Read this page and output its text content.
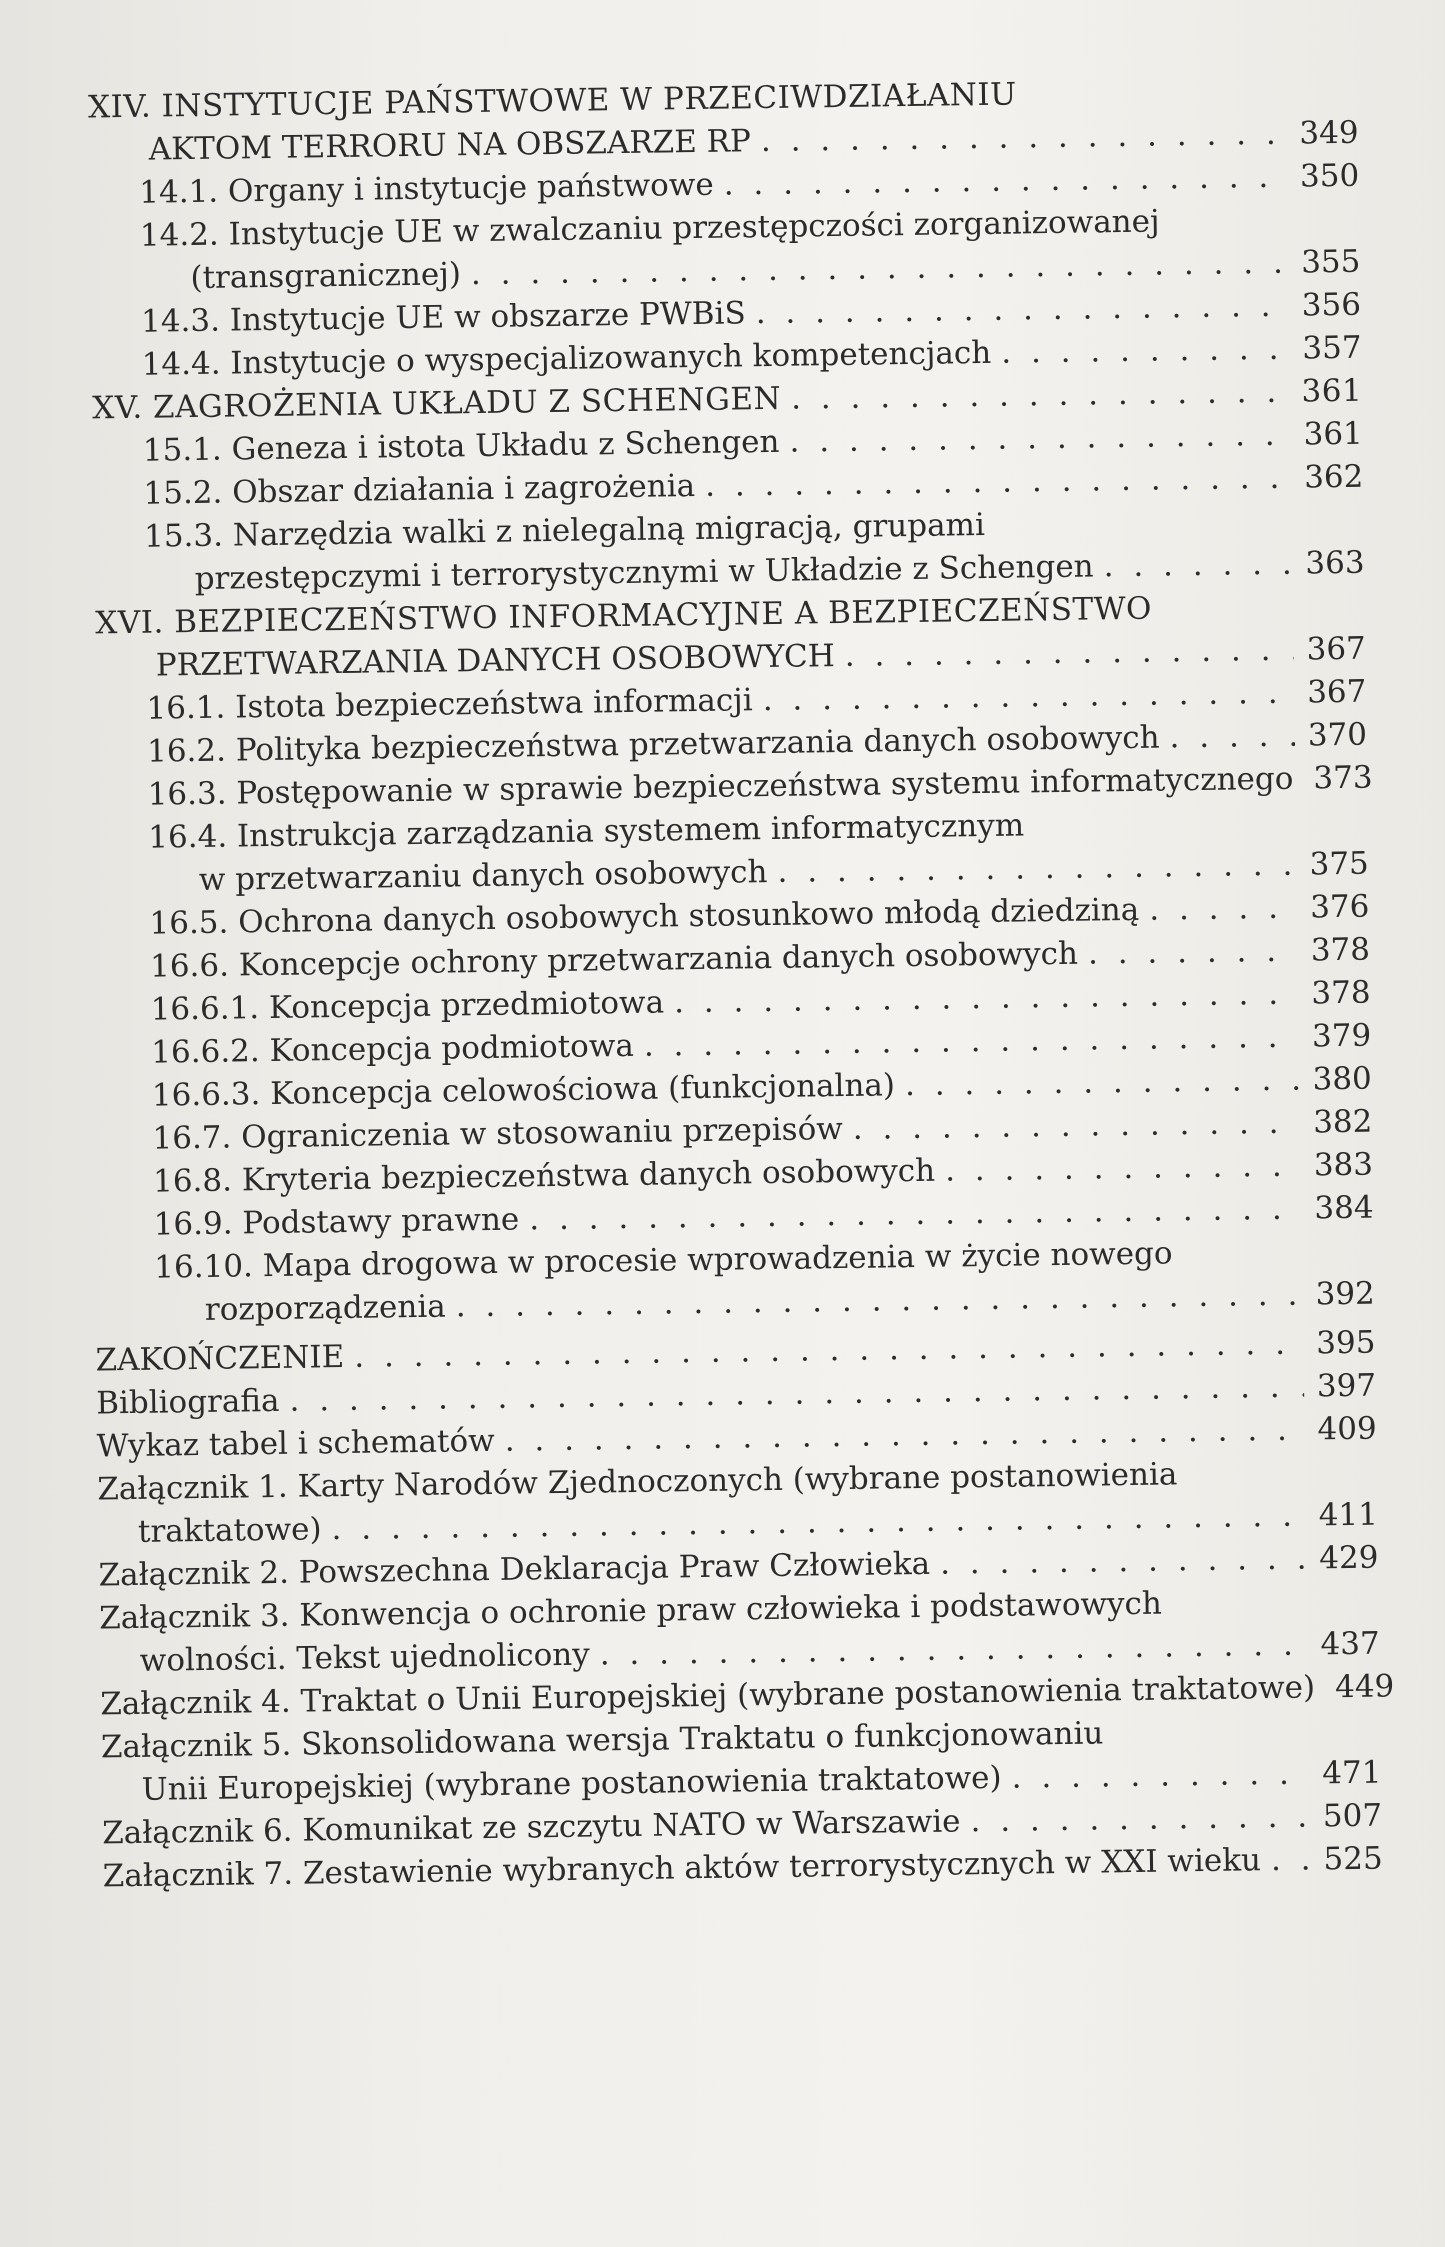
XIV. INSTYTUCJE PAŃSTWOWE W PRZECIWDZIAŁANIU
AKTOM TERRORU NA OBSZARZE RP . . .	349
14.1. Organy i instytucje państwowe . . .	350
14.2. Instytucje UE w zwalczaniu przestępczości zorganizowanej
(transgranicznej) . . .	355
14.3. Instytucje UE w obszarze PWBiS . . .	356
14.4. Instytucje o wyspecjalizowanych kompetencjach . . .	357
XV. ZAGROŻENIA UKŁADU Z SCHENGEN . . .	361
15.1. Geneza i istota Układu z Schengen . . .	361
15.2. Obszar działania i zagrożenia . . .	362
15.3. Narzędzia walki z nielegalną migracją, grupami
przestępczymi i terrorystycznymi w Układzie z Schengen . . .	363
XVI. BEZPIECZEŃSTWO INFORMACYJNE A BEZPIECZEŃSTWO
PRZETWARZANIA DANYCH OSOBOWYCH . . .	367
16.1. Istota bezpieczeństwa informacji . . .	367
16.2. Polityka bezpieczeństwa przetwarzania danych osobowych . . .	370
16.3. Postępowanie w sprawie bezpieczeństwa systemu informatycznego . . . 373
16.4. Instrukcja zarządzania systemem informatycznym
w przetwarzaniu danych osobowych . . .	375
16.5. Ochrona danych osobowych stosunkowo młodą dziedziną . . .	376
16.6. Koncepcje ochrony przetwarzania danych osobowych . . .	378
16.6.1. Koncepcja przedmiotowa . . .	378
16.6.2. Koncepcja podmiotowa . . .	379
16.6.3. Koncepcja celowościowa (funkcjonalna) . . .	380
16.7. Ograniczenia w stosowaniu przepisów . . .	382
16.8. Kryteria bezpieczeństwa danych osobowych . . .	383
16.9. Podstawy prawne . . .	384
16.10. Mapa drogowa w procesie wprowadzenia w życie nowego
rozporządzenia . . .	392
ZAKOŃCZENIE . . .	395
Bibliografia . . .	397
Wykaz tabel i schematów . . .	409
Załącznik 1. Karty Narodów Zjednoczonych (wybrane postanowienia
traktatowe) . . .	411
Załącznik 2. Powszechna Deklaracja Praw Człowieka . . .	429
Załącznik 3. Konwencja o ochronie praw człowieka i podstawowych
wolności. Tekst ujednolicony . . .	437
Załącznik 4. Traktat o Unii Europejskiej (wybrane postanowienia traktatowe) . . . 449
Załącznik 5. Skonsolidowana wersja Traktatu o funkcjonowaniu
Unii Europejskiej (wybrane postanowienia traktatowe) . . .	471
Załącznik 6. Komunikat ze szczytu NATO w Warszawie . . .	507
Załącznik 7. Zestawienie wybranych aktów terrorystycznych w XXI wieku . . . 525
